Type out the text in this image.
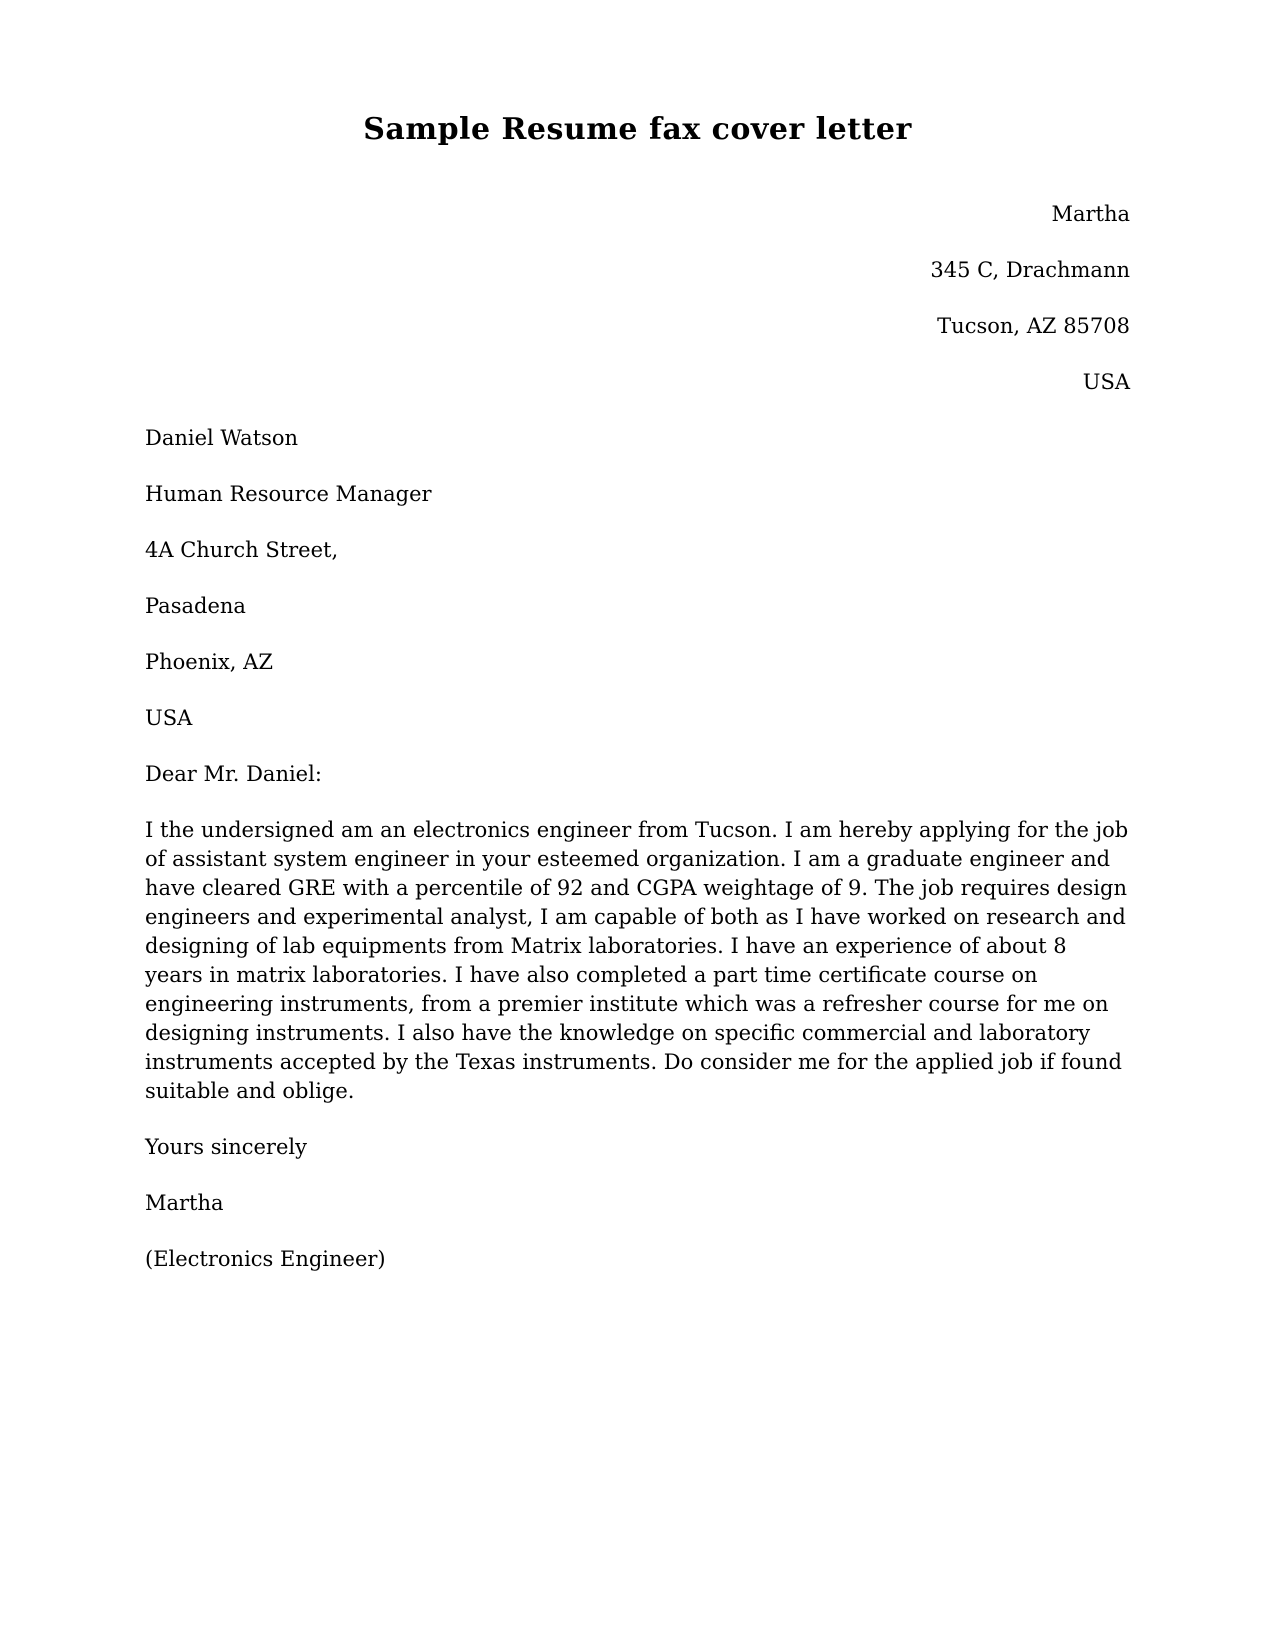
Sample Resume fax cover letter

Martha

345 C, Drachmann

Tucson, AZ 85708

USA

Daniel Watson

Human Resource Manager

4A Church Street,

Pasadena

Phoenix, AZ

USA

Dear Mr. Daniel:

I the undersigned am an electronics engineer from Tucson. I am hereby applying for the job of assistant system engineer in your esteemed organization. I am a graduate engineer and have cleared GRE with a percentile of 92 and CGPA weightage of 9. The job requires design engineers and experimental analyst, I am capable of both as I have worked on research and designing of lab equipments from Matrix laboratories. I have an experience of about 8 years in matrix laboratories. I have also completed a part time certificate course on engineering instruments, from a premier institute which was a refresher course for me on designing instruments. I also have the knowledge on specific commercial and laboratory instruments accepted by the Texas instruments. Do consider me for the applied job if found suitable and oblige.

Yours sincerely

Martha

(Electronics Engineer)
